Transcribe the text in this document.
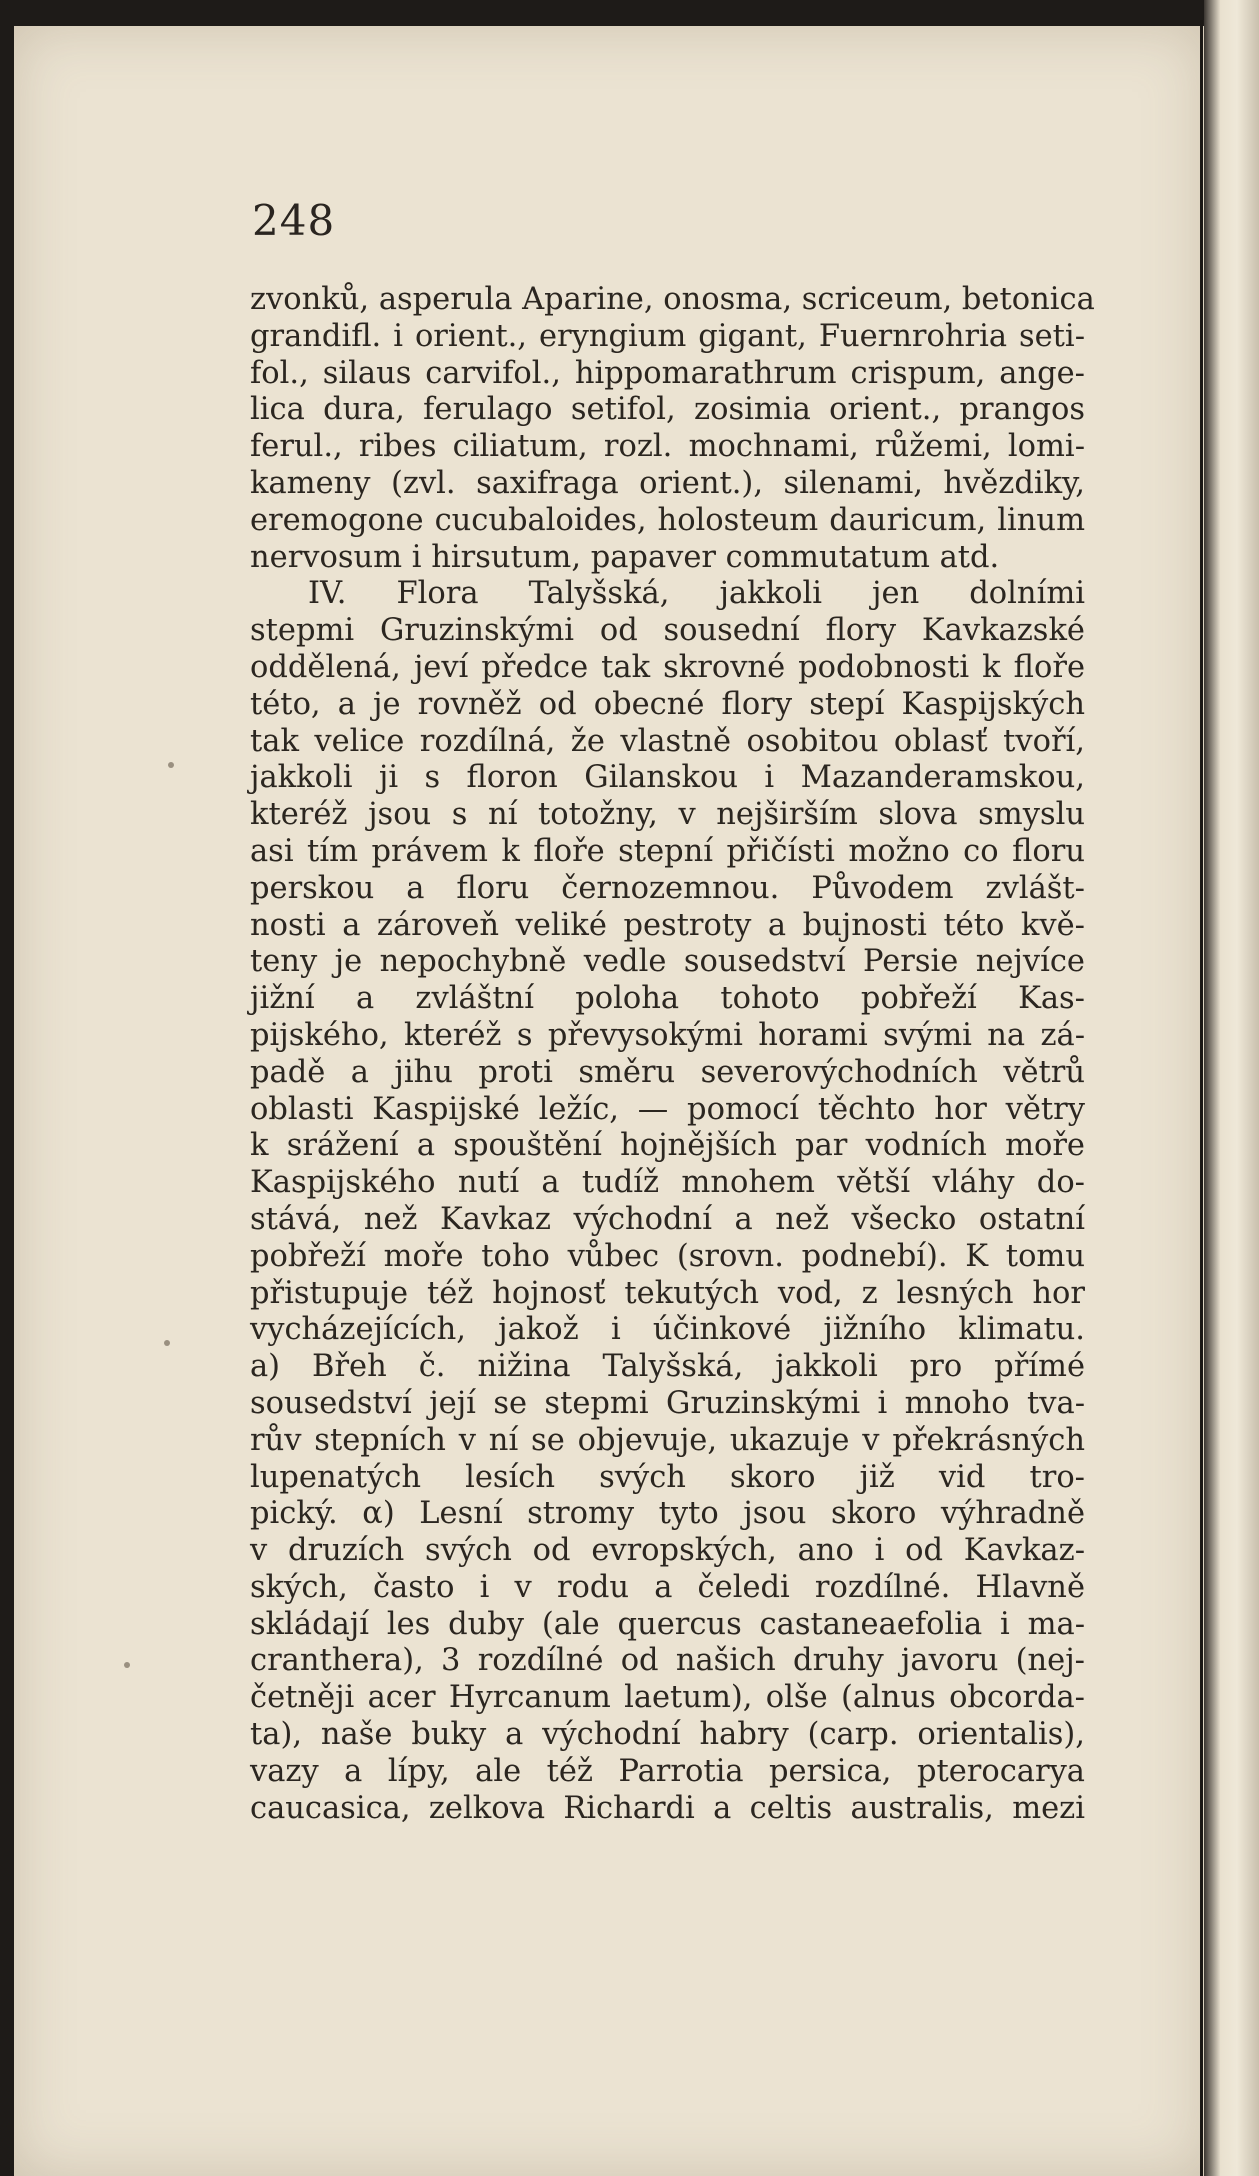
248
zvonků, asperula Aparine, onosma, scriceum, betonica
grandifl. i orient., eryngium gigant, Fuernrohria seti-
fol., silaus carvifol., hippomarathrum crispum, ange-
lica dura, ferulago setifol, zosimia orient., prangos
ferul., ribes ciliatum, rozl. mochnami, růžemi, lomi-
kameny (zvl. saxifraga orient.), silenami, hvězdiky,
eremogone cucubaloides, holosteum dauricum, linum
nervosum i hirsutum, papaver commutatum atd.
IV. Flora Talyšská, jakkoli jen dolními
stepmi Gruzinskými od sousední flory Kavkazské
oddělená, jeví předce tak skrovné podobnosti k floře
této, a je rovněž od obecné flory stepí Kaspijských
tak velice rozdílná, že vlastně osobitou oblasť tvoří,
jakkoli ji s floron Gilanskou i Mazanderamskou,
kteréž jsou s ní totožny, v nejširším slova smyslu
asi tím právem k floře stepní přičísti možno co floru
perskou a floru černozemnou. Původem zvlášt-
nosti a zároveň veliké pestroty a bujnosti této kvě-
teny je nepochybně vedle sousedství Persie nejvíce
jižní a zvláštní poloha tohoto pobřeží Kas-
pijského, kteréž s převysokými horami svými na zá-
padě a jihu proti směru severovýchodních větrů
oblasti Kaspijské ležíc, — pomocí těchto hor větry
k srážení a spouštění hojnějších par vodních moře
Kaspijského nutí a tudíž mnohem větší vláhy do-
stává, než Kavkaz východní a než všecko ostatní
pobřeží moře toho vůbec (srovn. podnebí). K tomu
přistupuje též hojnosť tekutých vod, z lesných hor
vycházejících, jakož i účinkové jižního klimatu.
a) Břeh č. nižina Talyšská, jakkoli pro přímé
sousedství její se stepmi Gruzinskými i mnoho tva-
rův stepních v ní se objevuje, ukazuje v překrásných
lupenatých lesích svých skoro již vid tro-
pický. α) Lesní stromy tyto jsou skoro výhradně
v druzích svých od evropských, ano i od Kavkaz-
ských, často i v rodu a čeledi rozdílné. Hlavně
skládají les duby (ale quercus castaneaefolia i ma-
cranthera), 3 rozdílné od našich druhy javoru (nej-
četněji acer Hyrcanum laetum), olše (alnus obcorda-
ta), naše buky a východní habry (carp. orientalis),
vazy a lípy, ale též Parrotia persica, pterocarya
caucasica, zelkova Richardi a celtis australis, mezi
